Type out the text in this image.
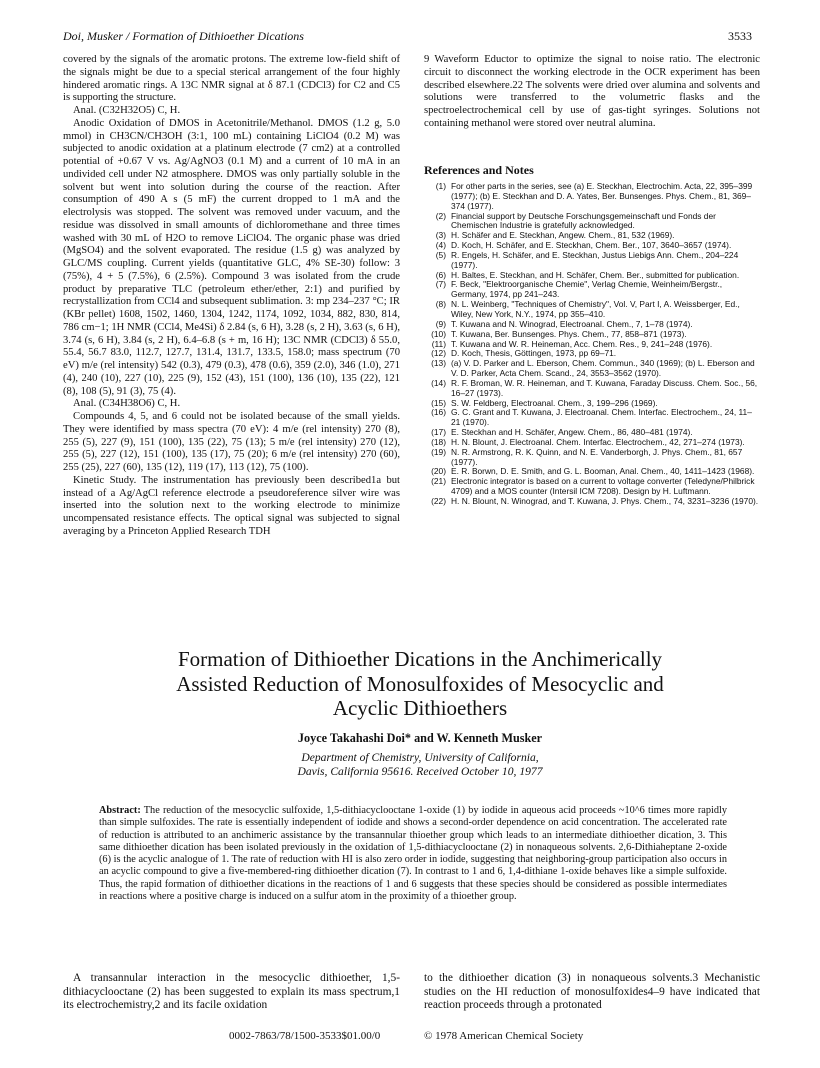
Doi, Musker / Formation of Dithioether Dications	3533

covered by the signals of the aromatic protons. The extreme low-field shift of the signals might be due to a special sterical arrangement of the four highly hindered aromatic rings. A 13C NMR signal at δ 87.1 (CDCl3) for C2 and C5 is supporting the structure.

Anal. (C32H32O5) C, H.

Anodic Oxidation of DMOS in Acetonitrile/Methanol. DMOS (1.2 g, 5.0 mmol) in CH3CN/CH3OH (3:1, 100 mL) containing LiClO4 (0.2 M) was subjected to anodic oxidation at a platinum electrode (7 cm2) at a controlled potential of +0.67 V vs. Ag/AgNO3 (0.1 M) and a current of 10 mA in an undivided cell under N2 atmosphere. DMOS was only partially soluble in the solvent but went into solution during the course of the reaction. After consumption of 490 A s (5 mF) the current dropped to 1 mA and the electrolysis was stopped. The solvent was removed under vacuum, and the residue was dissolved in small amounts of dichloromethane and three times washed with 30 mL of H2O to remove LiClO4. The organic phase was dried (MgSO4) and the solvent evaporated. The residue (1.5 g) was analyzed by GLC/MS coupling. Current yields (quantitative GLC, 4% SE-30) follow: 3 (75%), 4 + 5 (7.5%), 6 (2.5%). Compound 3 was isolated from the crude product by preparative TLC (petroleum ether/ether, 2:1) and purified by recrystallization from CCl4 and subsequent sublimation. 3: mp 234–237 °C; IR (KBr pellet) 1608, 1502, 1460, 1304, 1242, 1174, 1092, 1034, 882, 830, 814, 786 cm−1; 1H NMR (CCl4, Me4Si) δ 2.84 (s, 6 H), 3.28 (s, 2 H), 3.63 (s, 6 H), 3.74 (s, 6 H), 3.84 (s, 2 H), 6.4–6.8 (s + m, 16 H); 13C NMR (CDCl3) δ 55.0, 55.4, 56.7 83.0, 112.7, 127.7, 131.4, 131.7, 133.5, 158.0; mass spectrum (70 eV) m/e (rel intensity) 542 (0.3), 479 (0.3), 478 (0.6), 359 (2.0), 346 (1.0), 271 (4), 240 (10), 227 (10), 225 (9), 152 (43), 151 (100), 136 (10), 135 (22), 121 (8), 108 (5), 91 (3), 75 (4).

Anal. (C34H38O6) C, H.

Compounds 4, 5, and 6 could not be isolated because of the small yields. They were identified by mass spectra (70 eV): 4 m/e (rel intensity) 270 (8), 255 (5), 227 (9), 151 (100), 135 (22), 75 (13); 5 m/e (rel intensity) 270 (12), 255 (5), 227 (12), 151 (100), 135 (17), 75 (20); 6 m/e (rel intensity) 270 (60), 255 (25), 227 (60), 135 (12), 119 (17), 113 (12), 75 (100).

Kinetic Study. The instrumentation has previously been described1a but instead of a Ag/AgCl reference electrode a pseudoreference silver wire was inserted into the solution next to the working electrode to minimize uncompensated resistance effects. The optical signal was subjected to signal averaging by a Princeton Applied Research TDH

9 Waveform Eductor to optimize the signal to noise ratio. The electronic circuit to disconnect the working electrode in the OCR experiment has been described elsewhere.22 The solvents were dried over alumina and solvents and solutions were transferred to the volumetric flasks and the spectroelectrochemical cell by use of gas-tight syringes. Solutions not containing methanol were stored over neutral alumina.

References and Notes
(1) For other parts in the series, see (a) E. Steckhan, Electrochim. Acta, 22, 395–399 (1977); (b) E. Steckhan and D. A. Yates, Ber. Bunsenges. Phys. Chem., 81, 369–374 (1977).
(2) Financial support by Deutsche Forschungsgemeinschaft und Fonds der Chemischen Industrie is gratefully acknowledged.
(3) H. Schäfer and E. Steckhan, Angew. Chem., 81, 532 (1969).
(4) D. Koch, H. Schäfer, and E. Steckhan, Chem. Ber., 107, 3640–3657 (1974).
(5) R. Engels, H. Schäfer, and E. Steckhan, Justus Liebigs Ann. Chem., 204–224 (1977).
(6) H. Baltes, E. Steckhan, and H. Schäfer, Chem. Ber., submitted for publication.
(7) F. Beck, "Elektroorganische Chemie", Verlag Chemie, Weinheim/Bergstr., Germany, 1974, pp 241–243.
(8) N. L. Weinberg, "Techniques of Chemistry", Vol. V, Part I, A. Weissberger, Ed., Wiley, New York, N.Y., 1974, pp 355–410.
(9) T. Kuwana and N. Winograd, Electroanal. Chem., 7, 1–78 (1974).
(10) T. Kuwana, Ber. Bunsenges. Phys. Chem., 77, 858–871 (1973).
(11) T. Kuwana and W. R. Heineman, Acc. Chem. Res., 9, 241–248 (1976).
(12) D. Koch, Thesis, Göttingen, 1973, pp 69–71.
(13) (a) V. D. Parker and L. Eberson, Chem. Commun., 340 (1969); (b) L. Eberson and V. D. Parker, Acta Chem. Scand., 24, 3553–3562 (1970).
(14) R. F. Broman, W. R. Heineman, and T. Kuwana, Faraday Discuss. Chem. Soc., 56, 16–27 (1973).
(15) S. W. Feldberg, Electroanal. Chem., 3, 199–296 (1969).
(16) G. C. Grant and T. Kuwana, J. Electroanal. Chem. Interfac. Electrochem., 24, 11–21 (1970).
(17) E. Steckhan and H. Schäfer, Angew. Chem., 86, 480–481 (1974).
(18) H. N. Blount, J. Electroanal. Chem. Interfac. Electrochem., 42, 271–274 (1973).
(19) N. R. Armstrong, R. K. Quinn, and N. E. Vanderborgh, J. Phys. Chem., 81, 657 (1977).
(20) E. R. Borwn, D. E. Smith, and G. L. Booman, Anal. Chem., 40, 1411–1423 (1968).
(21) Electronic integrator is based on a current to voltage converter (Teledyne/Philbrick 4709) and a MOS counter (Intersil ICM 7208). Design by H. Luftmann.
(22) H. N. Blount, N. Winograd, and T. Kuwana, J. Phys. Chem., 74, 3231–3236 (1970).
Formation of Dithioether Dications in the Anchimerically Assisted Reduction of Monosulfoxides of Mesocyclic and Acyclic Dithioethers
Joyce Takahashi Doi* and W. Kenneth Musker
Department of Chemistry, University of California,
Davis, California 95616. Received October 10, 1977
Abstract: The reduction of the mesocyclic sulfoxide, 1,5-dithiacyclooctane 1-oxide (1) by iodide in aqueous acid proceeds ~10^6 times more rapidly than simple sulfoxides. The rate is essentially independent of iodide and shows a second-order dependence on acid concentration. The accelerated rate of reduction is attributed to an anchimeric assistance by the transannular thioether group which leads to an intermediate dithioether dication, 3. This same dithioether dication has been isolated previously in the oxidation of 1,5-dithiacyclooctane (2) in nonaqueous solvents. 2,6-Dithiaheptane 2-oxide (6) is the acyclic analogue of 1. The rate of reduction with HI is also zero order in iodide, suggesting that neighboring-group participation also occurs in an acyclic compound to give a five-membered-ring dithioether dication (7). In contrast to 1 and 6, 1,4-dithiane 1-oxide behaves like a simple sulfoxide. Thus, the rapid formation of dithioether dications in the reactions of 1 and 6 suggests that these species should be considered as possible intermediates in reactions where a positive charge is induced on a sulfur atom in the proximity of a thioether group.
A transannular interaction in the mesocyclic dithioether, 1,5-dithiacyclooctane (2) has been suggested to explain its mass spectrum,1 its electrochemistry,2 and its facile oxidation
to the dithioether dication (3) in nonaqueous solvents.3 Mechanistic studies on the HI reduction of monosulfoxides4–9 have indicated that reaction proceeds through a protonated
0002-7863/78/1500-3533$01.00/0	© 1978 American Chemical Society
